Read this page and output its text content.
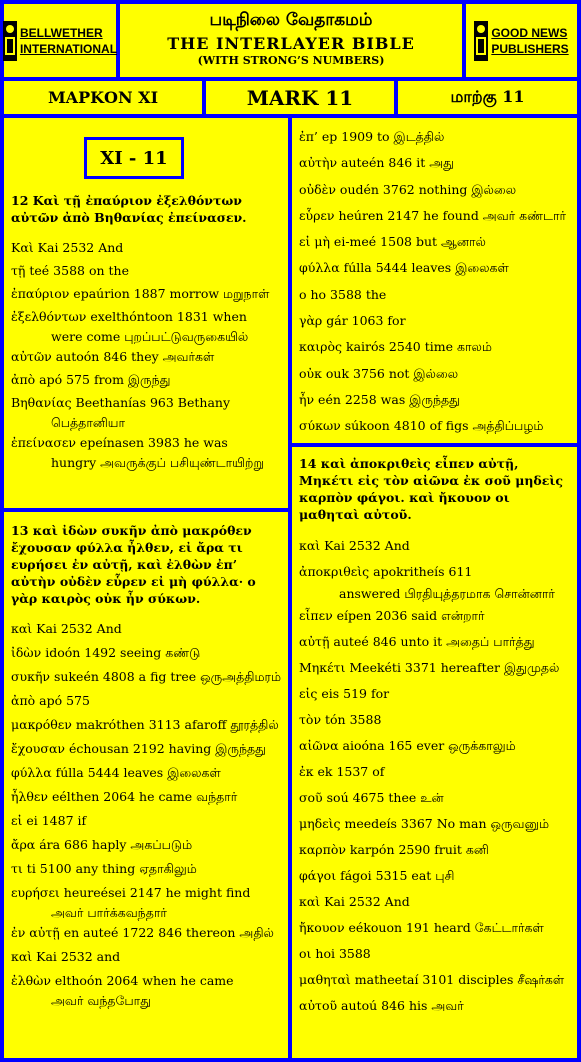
BELLWETHER
INTERNATIONAL
படிநிலை வேதாகமம்
THE INTERLAYER BIBLE
(WITH STRONG’S NUMBERS)
GOOD NEWS
PUBLISHERS
ΜΑΡΚΟΝ ΧΙ	MARK 11	மாற்கு 11
12 Καὶ τῇ ἐπαύριον ἐξελθόντων
αὐτῶν ἀπὸ Βηθανίας ἐπείνασεν.
Καὶ Kai 2532 And
τῇ teé 3588 on the
ἐπαύριον epaúrion 1887 morrow மறுநாள்
ἐξελθόντων exelthóntoon 1831 when
were come புறப்பட்டுவருகையில்
αὐτῶν autoón 846 they அவர்கள்
ἀπὸ apó 575 from இருந்து
Βηθανίας Beethanías 963 Bethany
பெத்தானியா
ἐπείνασεν epeínasen 3983 he was
hungry அவருக்குப் பசியுண்டாயிற்று
XI - 11
13 καὶ ἰδὼν συκῆν ἀπὸ μακρόθεν
ἔχουσαν φύλλα ἦλθεν, εἰ ἄρα τι
ευρήσει ἐν αὐτῇ, καὶ ἐλθὼν ἐπ’
αὐτὴν οὐδὲν εὗρεν εἰ μὴ φύλλα· ο
γὰρ καιρὸς οὐκ ἦν σύκων.
καὶ Kai 2532 And
ἰδὼν idoón 1492 seeing கண்டு
συκῆν sukeén 4808 a fig tree ஒருஅத்திமரம்
ἀπὸ apó 575
μακρόθεν makróthen 3113 afaroff தூரத்தில்
ἔχουσαν échousan 2192 having இருந்தது
φύλλα fúlla 5444 leaves இலைகள்
ἦλθεν eélthen 2064 he came வந்தார்
εἰ ei 1487 if
ἄρα ára 686 haply அகப்படும்
τι ti 5100 any thing ஏதாகிலும்
ευρήσει heureései 2147 he might find
அவர் பார்க்கவந்தார்
ἐν αὐτῇ en auteé 1722 846 thereon அதில்
καὶ Kai 2532 and
ἐλθὼν elthoón 2064 when he came
அவர் வந்தபோது
ἐπ’ ep 1909 to இடத்தில்
αὐτὴν auteén 846 it அது
οὐδὲν oudén 3762 nothing இல்லை
εὗρεν heúren 2147 he found அவர் கண்டார்
εἰ μὴ ei-meé 1508 but ஆனால்
φύλλα fúlla 5444 leaves இலைகள்
ο ho 3588 the
γὰρ gár 1063 for
καιρὸς kairós 2540 time காலம்
οὐκ ouk 3756 not இல்லை
ἦν eén 2258 was இருந்தது
σύκων súkoon 4810 of figs அத்திப்பழம்
14 καὶ ἀποκριθεὶς εἶπεν αὐτῇ,
Μηκέτι εἰς τὸν αἰῶνα ἐκ σοῦ μηδεὶς
καρπὸν φάγοι. καὶ ἤκουον οι
μαθηταὶ αὐτοῦ.
καὶ Kai 2532 And
ἀποκριθεὶς apokritheís 611
answered பிரதியுத்தரமாக சொன்னார்
εἶπεν eípen 2036 said என்றார்
αὐτῇ auteé 846 unto it அதைப் பார்த்து
Μηκέτι Meekéti 3371 hereafter இதுமுதல்
εἰς eis 519 for
τὸν tón 3588
αἰῶνα aioóna 165 ever ஒருக்காலும்
ἐκ ek 1537 of
σοῦ soú 4675 thee உன்
μηδεὶς meedeís 3367 No man ஒருவனும்
καρπὸν karpón 2590 fruit கனி
φάγοι fágoi 5315 eat புசி
καὶ Kai 2532 And
ἤκουον eékouon 191 heard கேட்டார்கள்
οι hoi 3588
μαθηταὶ matheetaí 3101 disciples சீஷர்கள்
αὐτοῦ autoú 846 his அவர்
